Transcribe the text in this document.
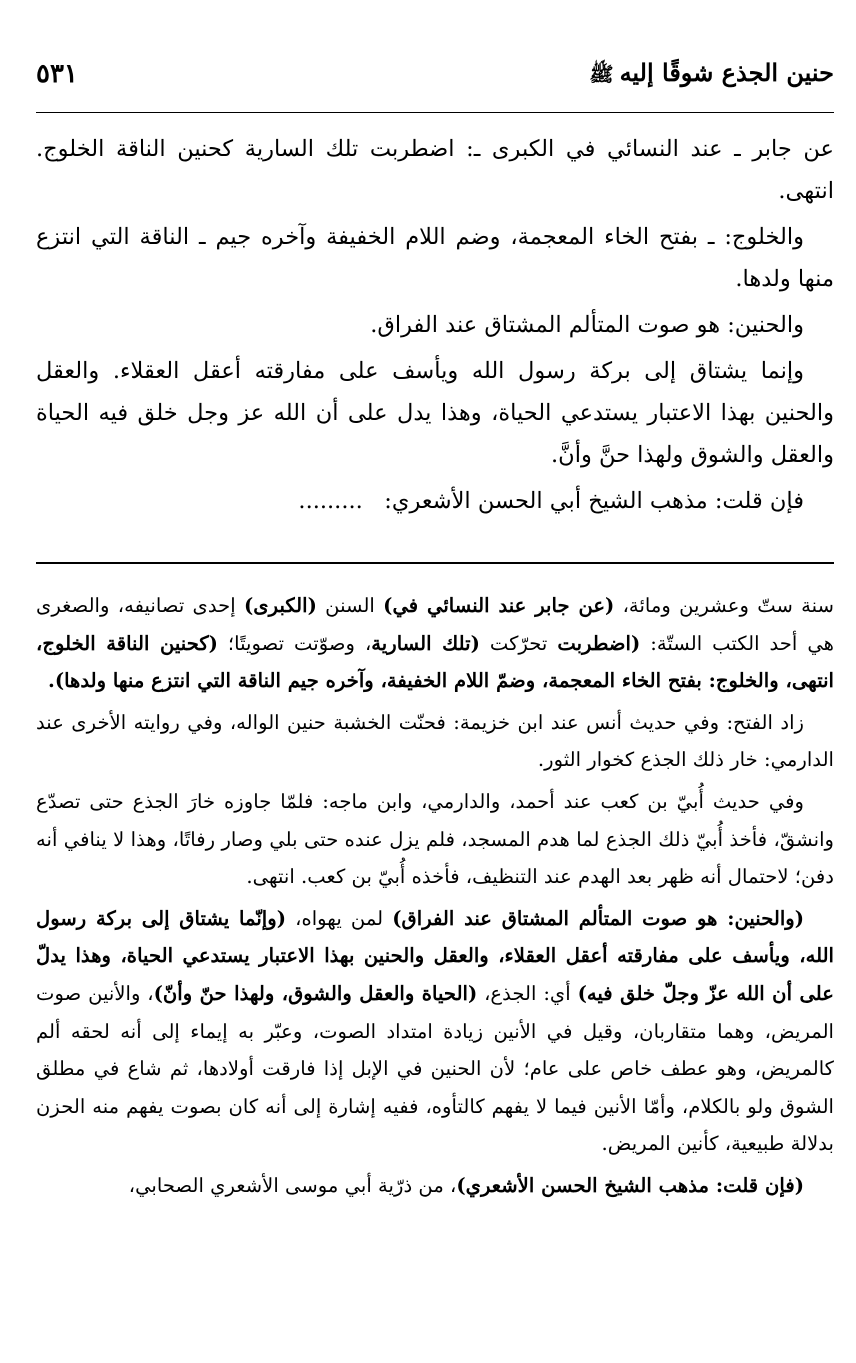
حنين الجذع شوقًا إليهﷺ
٥٣١

عن جابر ـ عند النسائي في الكبرى ـ: اضطربت تلك السارية كحنين الناقة الخلوج. انتهى.

والخلوج: ـ بفتح الخاء المعجمة، وضم اللام الخفيفة وآخره جيم ـ الناقة التي انتزع منها ولدها.

والحنين: هو صوت المتألم المشتاق عند الفراق.

وإنما يشتاق إلى بركة رسول الله ويأسف على مفارقته أعقل العقلاء. والعقل والحنين بهذا الاعتبار يستدعي الحياة، وهذا يدل على أن الله عز وجل خلق فيه الحياة والعقل والشوق ولهذا حنَّ وأنَّ.

فإن قلت: مذهب الشيخ أبي الحسن الأشعري:   .........

سنة ستّ وعشرين ومائة، (عن جابر عند النسائي في) السنن (الكبرى) إحدى تصانيفه، والصغرى هي أحد الكتب الستّة: (اضطربت تحرّكت (تلك السارية، وصوّتت تصويتًا؛ (كحنين الناقة الخلوج، انتهى، والخلوج: بفتح الخاء المعجمة، وضمّ اللام الخفيفة، وآخره جيم الناقة التي انتزع منها ولدها).

زاد الفتح: وفي حديث أنس عند ابن خزيمة: فحنّت الخشبة حنين الواله، وفي روايته الأخرى عند الدارمي: خار ذلك الجذع كخوار الثور.

وفي حديث أُبيّ بن كعب عند أحمد، والدارمي، وابن ماجه: فلمّا جاوزه خارَ الجذع حتى تصدّع وانشقّ، فأخذ أُبيّ ذلك الجذع لما هدم المسجد، فلم يزل عنده حتى بلي وصار رفاتًا، وهذا لا ينافي أنه دفن؛ لاحتمال أنه ظهر بعد الهدم عند التنظيف، فأخذه أُبيّ بن كعب. انتهى.

(والحنين: هو صوت المتألم المشتاق عند الفراق) لمن يهواه، (وإنّما يشتاق إلى بركة رسول الله، ويأسف على مفارقته أعقل العقلاء، والعقل والحنين بهذا الاعتبار يستدعي الحياة، وهذا يدلّ على أن الله عزّ وجلّ خلق فيه) أي: الجذع، (الحياة والعقل والشوق، ولهذا حنّ وأنّ)، والأنين صوت المريض، وهما متقاربان، وقيل في الأنين زيادة امتداد الصوت، وعبّر به إيماء إلى أنه لحقه ألم كالمريض، وهو عطف خاص على عام؛ لأن الحنين في الإبل إذا فارقت أولادها، ثم شاع في مطلق الشوق ولو بالكلام، وأمّا الأنين فيما لا يفهم كالتأوه، ففيه إشارة إلى أنه كان بصوت يفهم منه الحزن بدلالة طبيعية، كأنين المريض.

(فإن قلت: مذهب الشيخ الحسن الأشعري)، من ذرّية أبي موسى الأشعري الصحابي،
